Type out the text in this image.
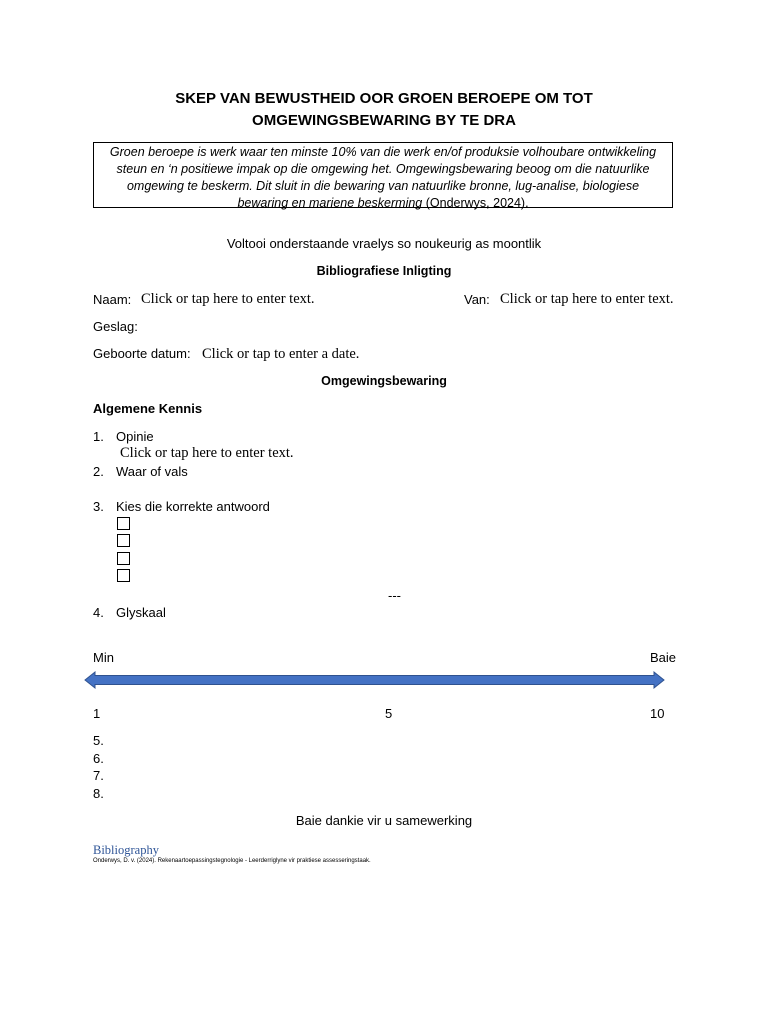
SKEP VAN BEWUSTHEID OOR GROEN BEROEPE OM TOT
OMGEWINGSBEWARING BY TE DRA
Groen beroepe is werk waar ten minste 10% van die werk en/of produksie volhoubare ontwikkeling steun en ‘n positiewe impak op die omgewing het. Omgewingsbewaring beoog om die natuurlike omgewing te beskerm. Dit sluit in die bewaring van natuurlike bronne, lug-analise, biologiese bewaring en mariene beskerming (Onderwys, 2024).
Voltooi onderstaande vraelys so noukeurig as moontlik
Bibliografiese Inligting
Naam: Click or tap here to enter text.	Van: Click or tap here to enter text.
Geslag:
Geboorte datum: Click or tap to enter a date.
Omgewingsbewaring
Algemene Kennis
1. Opinie
Click or tap here to enter text.
2. Waar of vals
3. Kies die korrekte antwoord
---
4. Glyskaal
Min	Baie
1	5	10
5.
6.
7.
8.
Baie dankie vir u samewerking
Bibliography
Onderwys, D. v. (2024). Rekenaartoepassingstegnologie - Leerderriglyne vir praktiese assesseringstaak.
